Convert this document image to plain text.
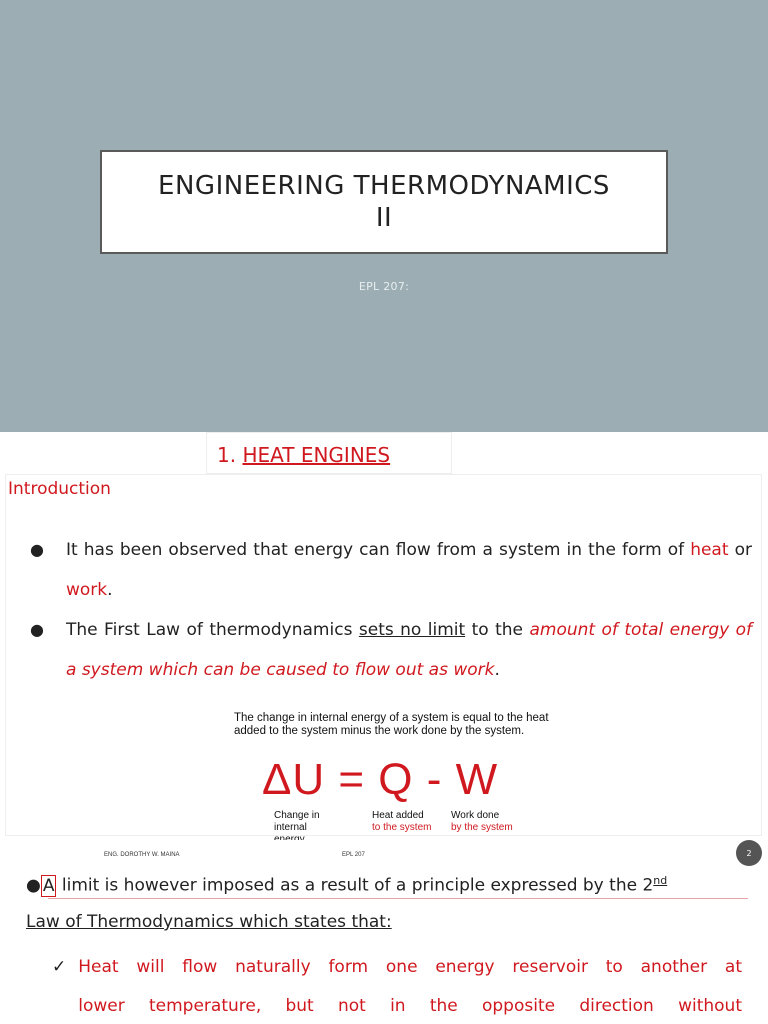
ENGINEERING THERMODYNAMICS
II
EPL 207:
1. HEAT ENGINES
Introduction
●	It has been observed that energy can flow from a system in the form of heat or work.
●	The First Law of thermodynamics sets no limit to the amount of total energy of a system which can be caused to flow out as work.
The change in internal energy of a system is equal to the heat added to the system minus the work done by the system.
ΔU = Q - W
Change in
internal
Heat added
to the system
Work done
by the system
ENG. DOROTHY W. MAINA	EPL 207	2
● A limit is however imposed as a result of a principle expressed by the 2nd
Law of Thermodynamics which states that:
✓ Heat will flow naturally form one energy reservoir to another at
lower temperature, but not in the opposite direction without
